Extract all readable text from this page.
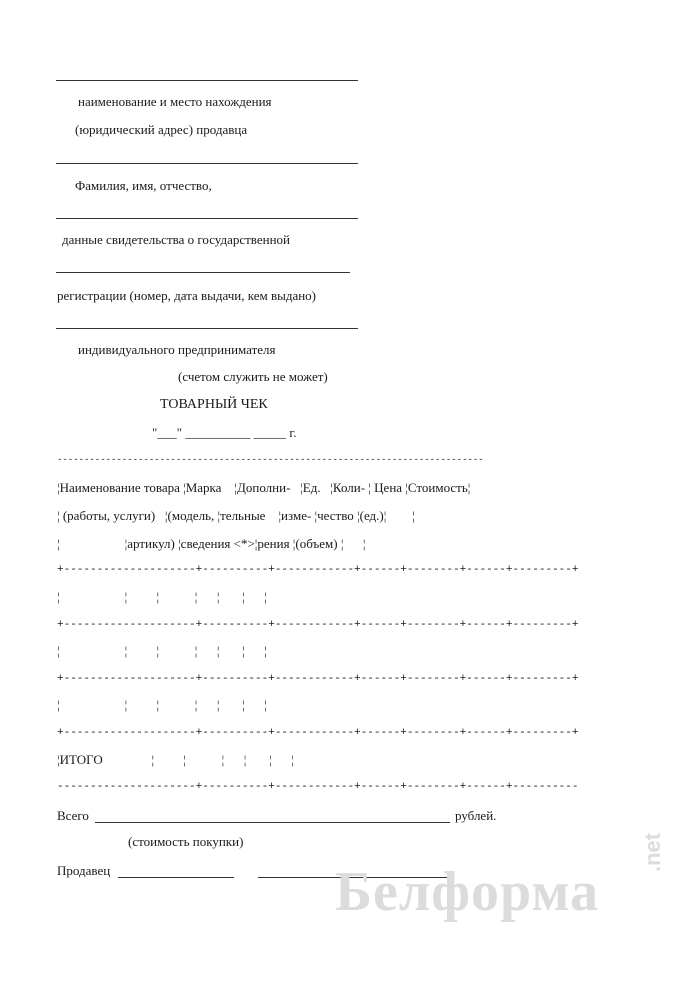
наименование и место нахождения
(юридический адрес) продавца
Фамилия, имя, отчество,
данные свидетельства о государственной
регистрации (номер, дата выдачи, кем выдано)
индивидуального предпринимателя
(счетом служить не может)
ТОВАРНЫЙ ЧЕК
"___" __________ _____ г.
-------------------------------------------------------------------------------
¦Наименование товара ¦Марка    ¦Дополни-   ¦Ед.   ¦Коли- ¦ Цена ¦Стоимость¦
¦ (работы, услуги)   ¦(модель, ¦тельные    ¦изме- ¦чество ¦(ед.)¦        ¦
¦                    ¦артикул) ¦сведения <*>¦рения ¦(объем) ¦      ¦
+--------------------+----------+------------+------+--------+------+---------+
¦                    ¦         ¦           ¦      ¦       ¦      ¦
+--------------------+----------+------------+------+--------+------+---------+
¦                    ¦         ¦           ¦      ¦       ¦      ¦
+--------------------+----------+------------+------+--------+------+---------+
¦                    ¦         ¦           ¦      ¦       ¦      ¦
+--------------------+----------+------------+------+--------+------+---------+
¦ИТОГО               ¦         ¦           ¦      ¦       ¦      ¦
---------------------+----------+------------+------+--------+------+----------
Всего	рублей.
(стоимость покупки)
Продавец	Белформа
.net
